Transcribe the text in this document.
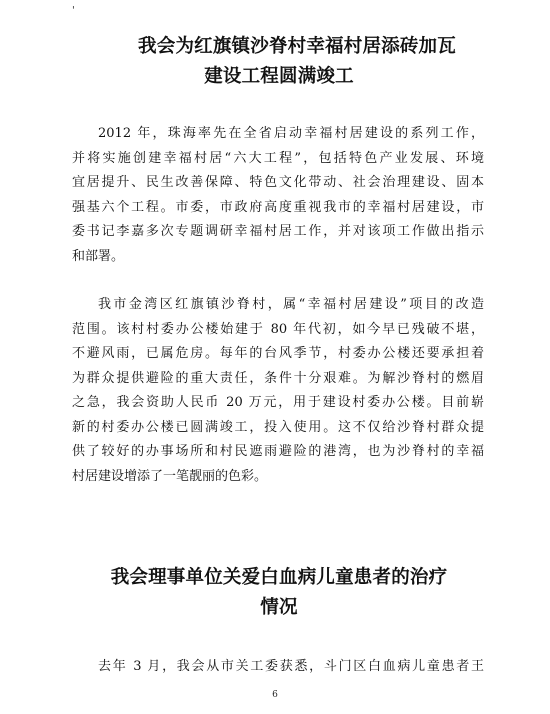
'
我会为红旗镇沙脊村幸福村居添砖加瓦
建设工程圆满竣工
2012 年，珠海率先在全省启动幸福村居建设的系列工作，
并将实施创建幸福村居“六大工程”，包括特色产业发展、环境
宜居提升、民生改善保障、特色文化带动、社会治理建设、固本
强基六个工程。市委，市政府高度重视我市的幸福村居建设，市
委书记李嘉多次专题调研幸福村居工作，并对该项工作做出指示
和部署。
我市金湾区红旗镇沙脊村，属“幸福村居建设”项目的改造
范围。该村村委办公楼始建于 80 年代初，如今早已残破不堪，
不避风雨，已属危房。每年的台风季节，村委办公楼还要承担着
为群众提供避险的重大责任，条件十分艰难。为解沙脊村的燃眉
之急，我会资助人民币 20 万元，用于建设村委办公楼。目前崭
新的村委办公楼已圆满竣工，投入使用。这不仅给沙脊村群众提
供了较好的办事场所和村民遮雨避险的港湾，也为沙脊村的幸福
村居建设增添了一笔靓丽的色彩。
我会理事单位关爱白血病儿童患者的治疗
情况
去年 3 月，我会从市关工委获悉，斗门区白血病儿童患者王
6
